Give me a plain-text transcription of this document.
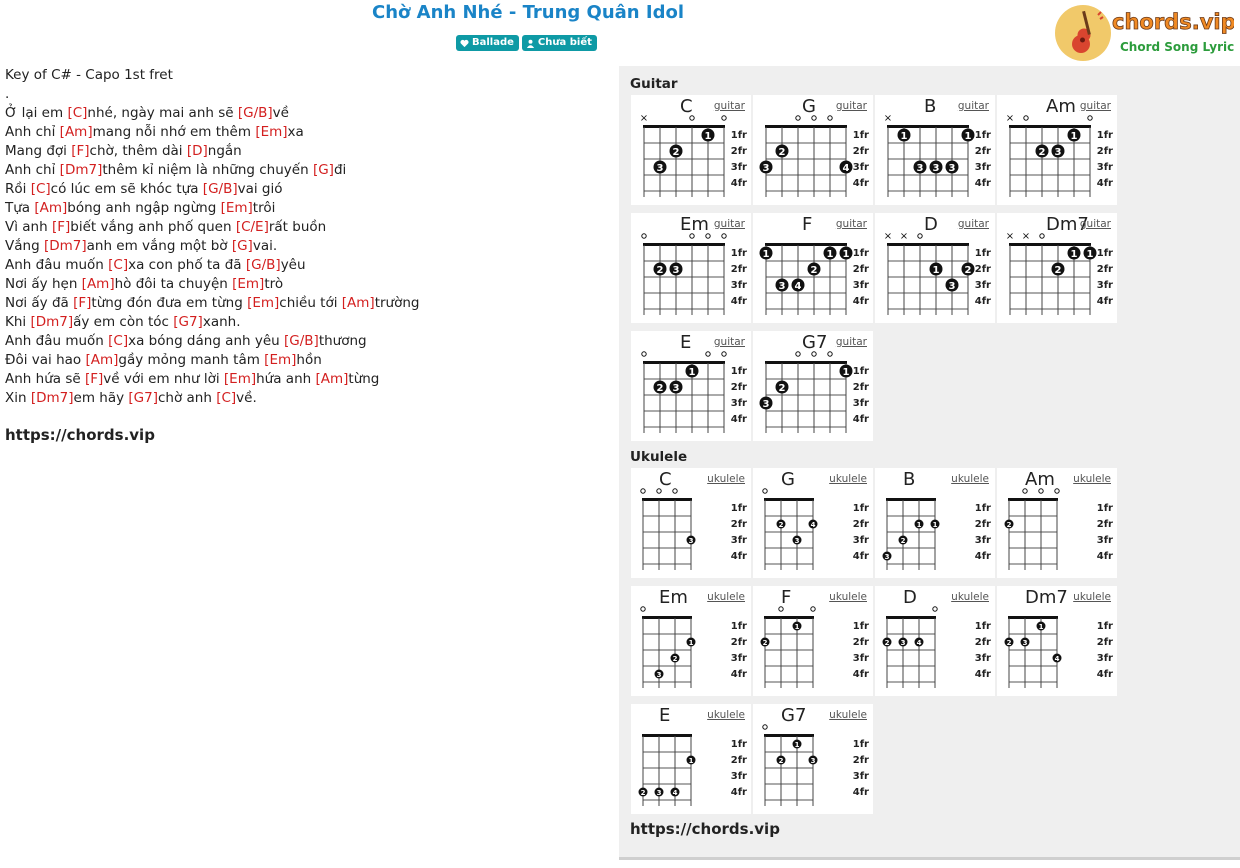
Chờ Anh Nhé - Trung Quân Idol
Ballade Chưa biết
chords.vip
Chord Song Lyric
Key of C# - Capo 1st fret
.
Ở lại em [C]nhé, ngày mai anh sẽ [G/B]về
Anh chỉ [Am]mang nỗi nhớ em thêm [Em]xa
Mang đợi [F]chờ, thêm dài [D]ngắn
Anh chỉ [Dm7]thêm kỉ niệm là những chuyến [G]đi
Rồi [C]có lúc em sẽ khóc tựa [G/B]vai gió
Tựa [Am]bóng anh ngập ngừng [Em]trôi
Vì anh [F]biết vắng anh phố quen [C/E]rất buồn
Vắng [Dm7]anh em vắng một bờ [G]vai.
Anh đâu muốn [C]xa con phố ta đã [G/B]yêu
Nơi ấy hẹn [Am]hò đôi ta chuyện [Em]trò
Nơi ấy đã [F]từng đón đưa em từng [Em]chiều tới [Am]trường
Khi [Dm7]ấy em còn tóc [G7]xanh.
Anh đâu muốn [C]xa bóng dáng anh yêu [G/B]thương
Đôi vai hao [Am]gầy mỏng manh tâm [Em]hồn
Anh hứa sẽ [F]về với em như lời [Em]hứa anh [Am]từng
Xin [Dm7]em hãy [G7]chờ anh [C]về.
https://chords.vip
Guitar
C guitar
1fr
2fr
3fr
4fr
×
3
2
1
G guitar
1fr
2fr
3fr
4fr
3
2
4
B guitar
1fr
2fr
3fr
4fr
×
1
3 3 3
1
Am guitar
1fr
2fr
3fr
4fr
×
2 3
1
Em guitar
1fr
2fr
3fr
4fr
2 3
F guitar
1fr
2fr
3fr
4fr
1
3 4
2
1 1
D guitar
1fr
2fr
3fr
4fr
× ×
1
3
2
Dm7
guitar
1fr
2fr
3fr
4fr
× ×
2
1 1
E guitar
1fr
2fr
3fr
4fr
2 3
1
G7 guitar
1fr
2fr
3fr
4fr
3
2
1
Ukulele
C	ukulele
1fr
2fr
3fr
4fr
3
G	ukulele
1fr
2fr
3fr
4fr
2
3
4
B	ukulele
1fr
2fr
3fr
4fr
3
2
1 1
Am ukulele
1fr
2fr
3fr
4fr
2
Em ukulele
1fr
2fr
3fr
4fr
3
2
1
F	ukulele
1fr
2fr
3fr
4fr
2
1
D	ukulele
1fr
2fr
3fr
4fr
2 3 4
Dm7 ukulele
1fr
2fr
3fr
4fr
2 3
1
4
E	ukulele
1fr
2fr
3fr
4fr
2 3 4
1
G7 ukulele
1fr
2fr
3fr
4fr
2
1
3
https://chords.vip
